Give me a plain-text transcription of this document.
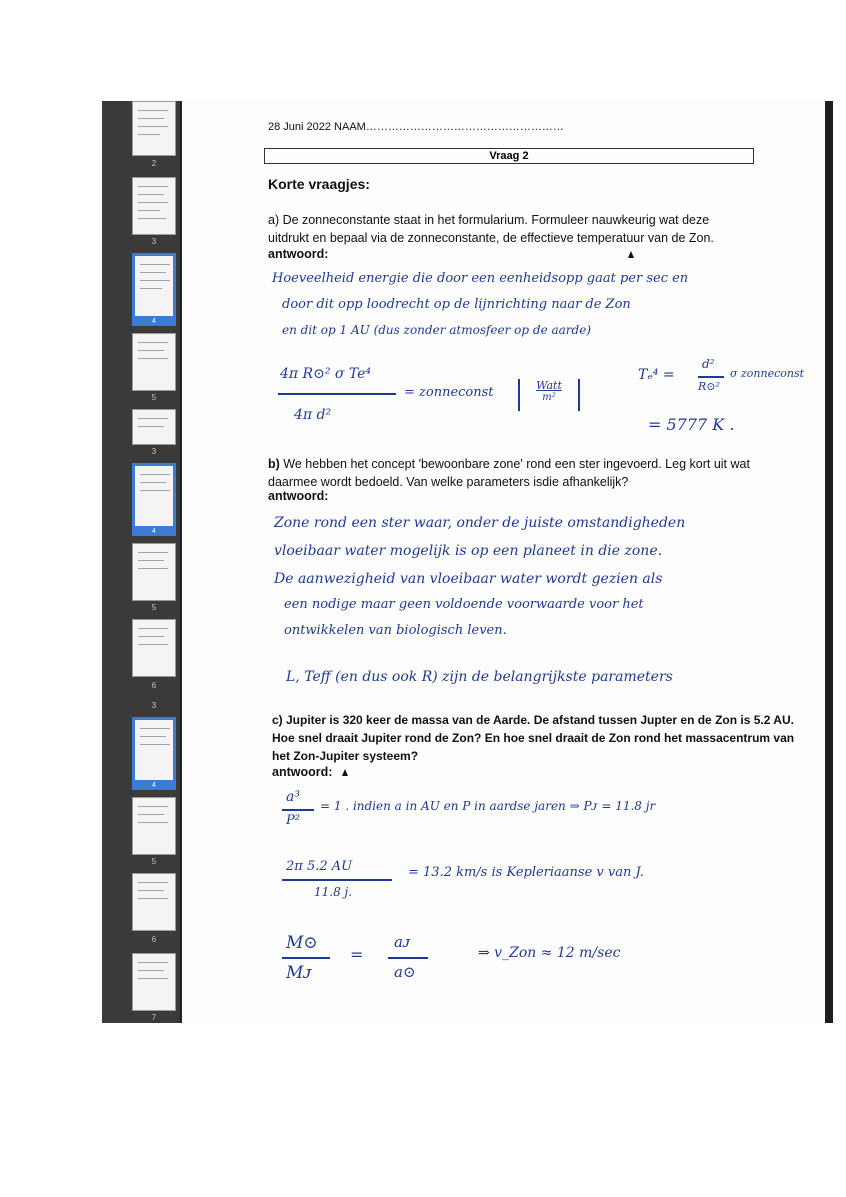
2
3
4
5
3
4
5
6
3
4
5
6
7
28 Juni 2022 NAAM………………………………………………
Vraag 2
Korte vraagjes:
a) De zonneconstante staat in het formularium. Formuleer nauwkeurig wat deze
uitdrukt en bepaal via de zonneconstante, de effectieve temperatuur van de Zon.
antwoord:
Hoeveelheid energie die door een eenheidsopp gaat per sec en
door dit opp loodrecht op de lijnrichting naar de Zon
en dit op 1 AU (dus zonder atmosfeer op de aarde)
4π R⊙² σ Te⁴
4π d²
= zonneconst	Watt
m²
Tₑ⁴ =
d²
R⊙²
σ zonneconst
= 5777 K .
b) We hebben het concept 'bewoonbare zone' rond een ster ingevoerd. Leg kort uit wat
daarmee wordt bedoeld. Van welke parameters isdie afhankelijk?
antwoord:
Zone rond een ster waar, onder de juiste omstandigheden
vloeibaar water mogelijk is op een planeet in die zone.
De aanwezigheid van vloeibaar water wordt gezien als
een nodige maar geen voldoende voorwaarde voor het
ontwikkelen van biologisch leven.
L, Teff (en dus ook R) zijn de belangrijkste parameters
c) Jupiter is 320 keer de massa van de Aarde. De afstand tussen Jupter en de Zon is 5.2 AU.
Hoe snel draait Jupiter rond de Zon? En hoe snel draait de Zon rond het massacentrum van
het Zon-Jupiter systeem?
antwoord:
a³
P²
= 1 . indien a in AU en P in aardse jaren ⇒ Pᴊ = 11.8 jr
2π 5.2 AU
11.8 j.
= 13.2 km/s is Kepleriaanse v van J.
M⊙
Mᴊ
=
aᴊ
a⊙
⇒ v_Zon ≈ 12 m/sec
